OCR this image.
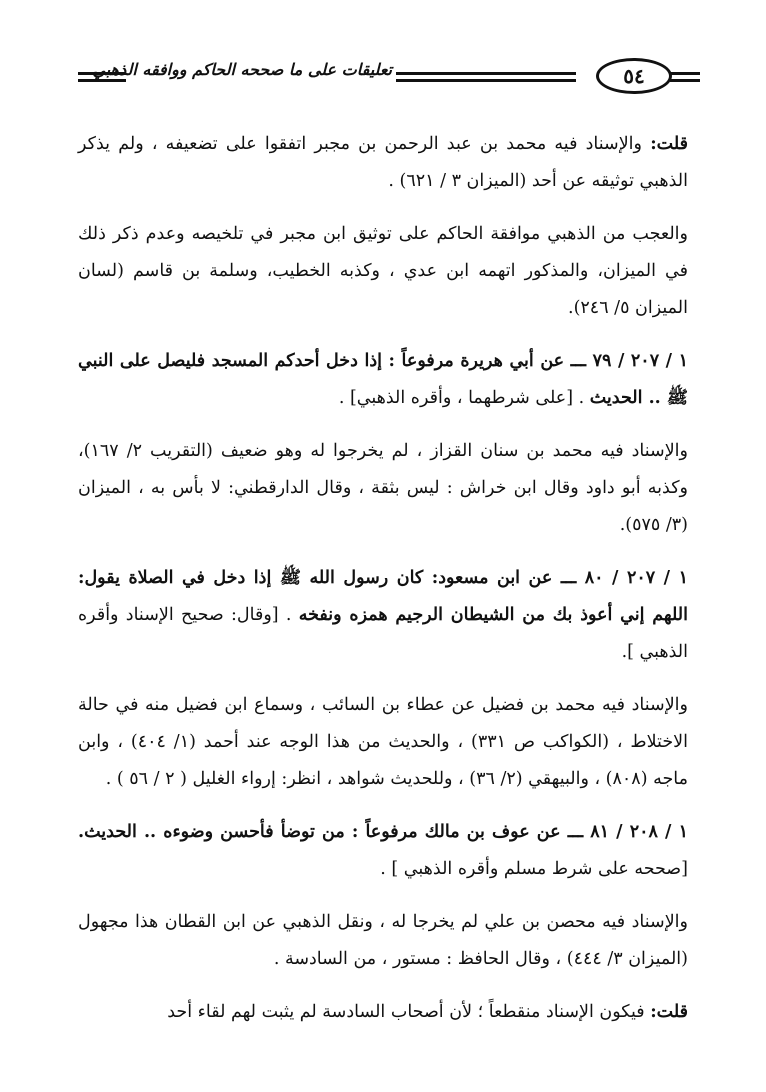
تعليقات على ما صححه الحاكم ووافقه الذهبي	٥٤

قلت: والإسناد فيه محمد بن عبد الرحمن بن مجبر اتفقوا على تضعيفه ، ولم يذكر الذهبي توثيقه عن أحد (الميزان ٣ / ٦٢١) .

والعجب من الذهبي موافقة الحاكم على توثيق ابن مجبر في تلخيصه وعدم ذكر ذلك في الميزان، والمذكور اتهمه ابن عدي ، وكذبه الخطيب، وسلمة بن قاسم (لسان الميزان ٥/ ٢٤٦).

١ / ٢٠٧ / ٧٩ ـــ عن أبي هريرة مرفوعاً : إذا دخل أحدكم المسجد فليصل على النبي ﷺ .. الحديث . [على شرطهما ، وأقره الذهبي] .

والإسناد فيه محمد بن سنان القزاز ، لم يخرجوا له وهو ضعيف (التقريب ٢/ ١٦٧)، وكذبه أبو داود وقال ابن خراش : ليس بثقة ، وقال الدارقطني: لا بأس به ، الميزان (٣/ ٥٧٥).

١ / ٢٠٧ / ٨٠ ـــ عن ابن مسعود: كان رسول الله ﷺ إذا دخل في الصلاة يقول: اللهم إني أعوذ بك من الشيطان الرجيم همزه ونفخه . [وقال: صحيح الإسناد وأقره الذهبي ].

والإسناد فيه محمد بن فضيل عن عطاء بن السائب ، وسماع ابن فضيل منه في حالة الاختلاط ، (الكواكب ص ٣٣١) ، والحديث من هذا الوجه عند أحمد (١/ ٤٠٤) ، وابن ماجه (٨٠٨) ، والبيهقي (٢/ ٣٦) ، وللحديث شواهد ، انظر: إرواء الغليل ( ٢ / ٥٦ ) .

١ / ٢٠٨ / ٨١ ـــ عن عوف بن مالك مرفوعاً : من توضأ فأحسن وضوءه .. الحديث. [صححه على شرط مسلم وأقره الذهبي ] .

والإسناد فيه محصن بن علي لم يخرجا له ، ونقل الذهبي عن ابن القطان هذا مجهول (الميزان ٣/ ٤٤٤) ، وقال الحافظ : مستور ، من السادسة .

قلت: فيكون الإسناد منقطعاً ؛ لأن أصحاب السادسة لم يثبت لهم لقاء أحد
